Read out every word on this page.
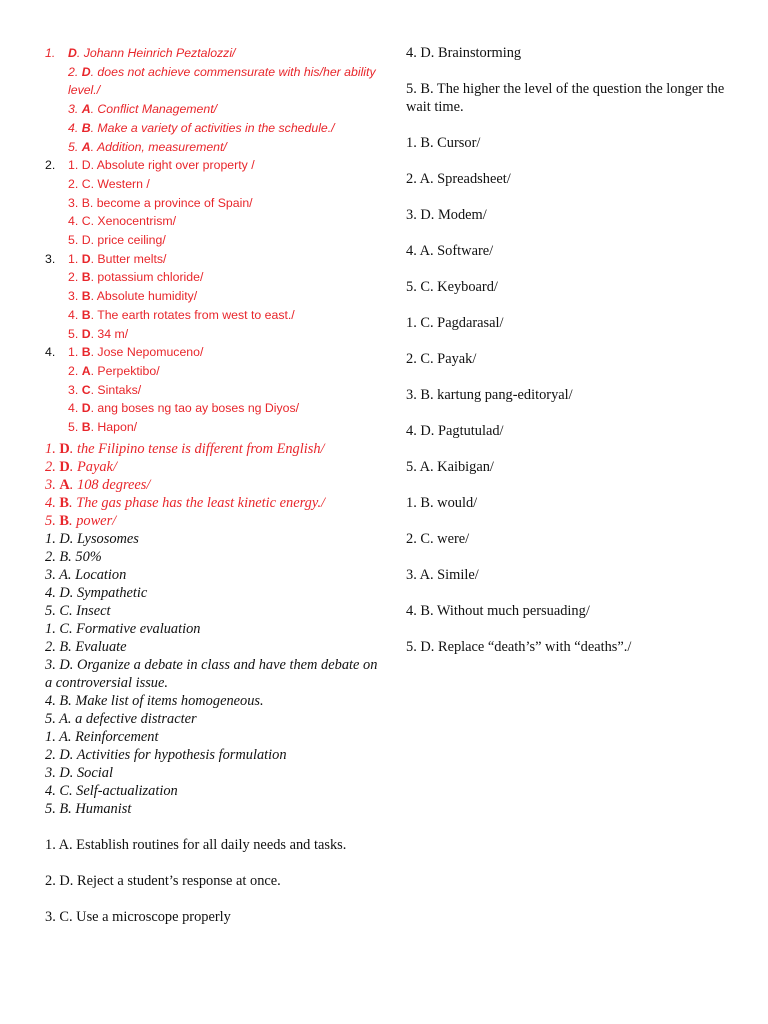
1.	D. Johann Heinrich Peztalozzi/
2. D. does not achieve commensurate with his/her ability level./
3. A. Conflict Management/
4. B. Make a variety of activities in the schedule./
5. A. Addition, measurement/
2.	1. D. Absolute right over property /
2. C. Western /
3. B. become a province of Spain/
4. C. Xenocentrism/
5. D. price ceiling/
3.	1. D. Butter melts/
2. B. potassium chloride/
3. B. Absolute humidity/
4. B. The earth rotates from west to east./
5. D. 34 m/
4.	1. B. Jose Nepomuceno/
2. A. Perpektibo/
3. C. Sintaks/
4. D. ang boses ng tao ay boses ng Diyos/
5. B. Hapon/
1. D. the Filipino tense is different from English/
2. D. Payak/
3. A. 108 degrees/
4. B. The gas phase has the least kinetic energy./
5. B. power/
1. D. Lysosomes
2. B. 50%
3. A. Location
4. D. Sympathetic
5. C. Insect
1. C. Formative evaluation
2. B. Evaluate
3. D. Organize a debate in class and have them debate on a controversial issue.
4. B. Make list of items homogeneous.
5. A. a defective distracter
1. A. Reinforcement
2. D. Activities for hypothesis formulation
3. D. Social
4. C. Self-actualization
5. B. Humanist
1. A. Establish routines for all daily needs and tasks.
2. D. Reject a student’s response at once.
3. C. Use a microscope properly
4. D. Brainstorming
5. B. The higher the level of the question the longer the wait time.
1. B. Cursor/
2. A. Spreadsheet/
3. D. Modem/
4. A. Software/
5. C. Keyboard/
1. C. Pagdarasal/
2. C. Payak/
3. B. kartung pang-editoryal/
4. D. Pagtutulad/
5. A. Kaibigan/
1. B. would/
2. C. were/
3. A. Simile/
4. B. Without much persuading/
5. D. Replace “death’s” with “deaths”./
